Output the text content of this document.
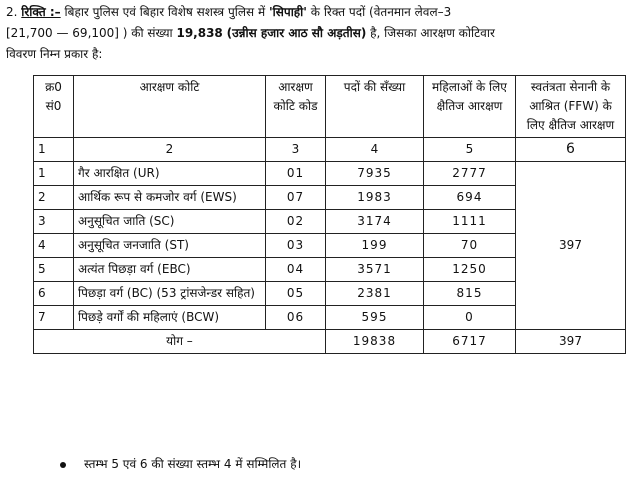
2. रिक्ति :– बिहार पुलिस एवं बिहार विशेष सशस्त्र पुलिस में 'सिपाही' के रिक्त पदों (वेतनमान लेवल–3
[21,700 — 69,100] ) की संख्या 19,838 (उन्नीस हजार आठ सौ अड़तीस) है, जिसका आरक्षण कोटिवार
विवरण निम्न प्रकार है:
क्र0 सं0	आरक्षण कोटि	आरक्षण कोटि कोड	पदों की सँख्या	महिलाओं के लिए क्षैतिज आरक्षण	स्वतंत्रता सेनानी के आश्रित (FFW) के लिए क्षैतिज आरक्षण
1	2	3	4	5	6
1	गैर आरक्षित (UR)	01	7935	2777	397
2	आर्थिक रूप से कमजोर वर्ग (EWS)	07	1983	694	
3	अनुसूचित जाति (SC)	02	3174	1111	
4	अनुसूचित जनजाति (ST)	03	199	70	
5	अत्यंत पिछड़ा वर्ग (EBC)	04	3571	1250	
6	पिछड़ा वर्ग (BC) (53 ट्रांसजेन्डर सहित)	05	2381	815	
7	पिछड़े वर्गों की महिलाएं (BCW)	06	595	0	
योग –			19838	6717	397
स्तम्भ 5 एवं 6 की संख्या स्तम्भ 4 में सम्मिलित है।
